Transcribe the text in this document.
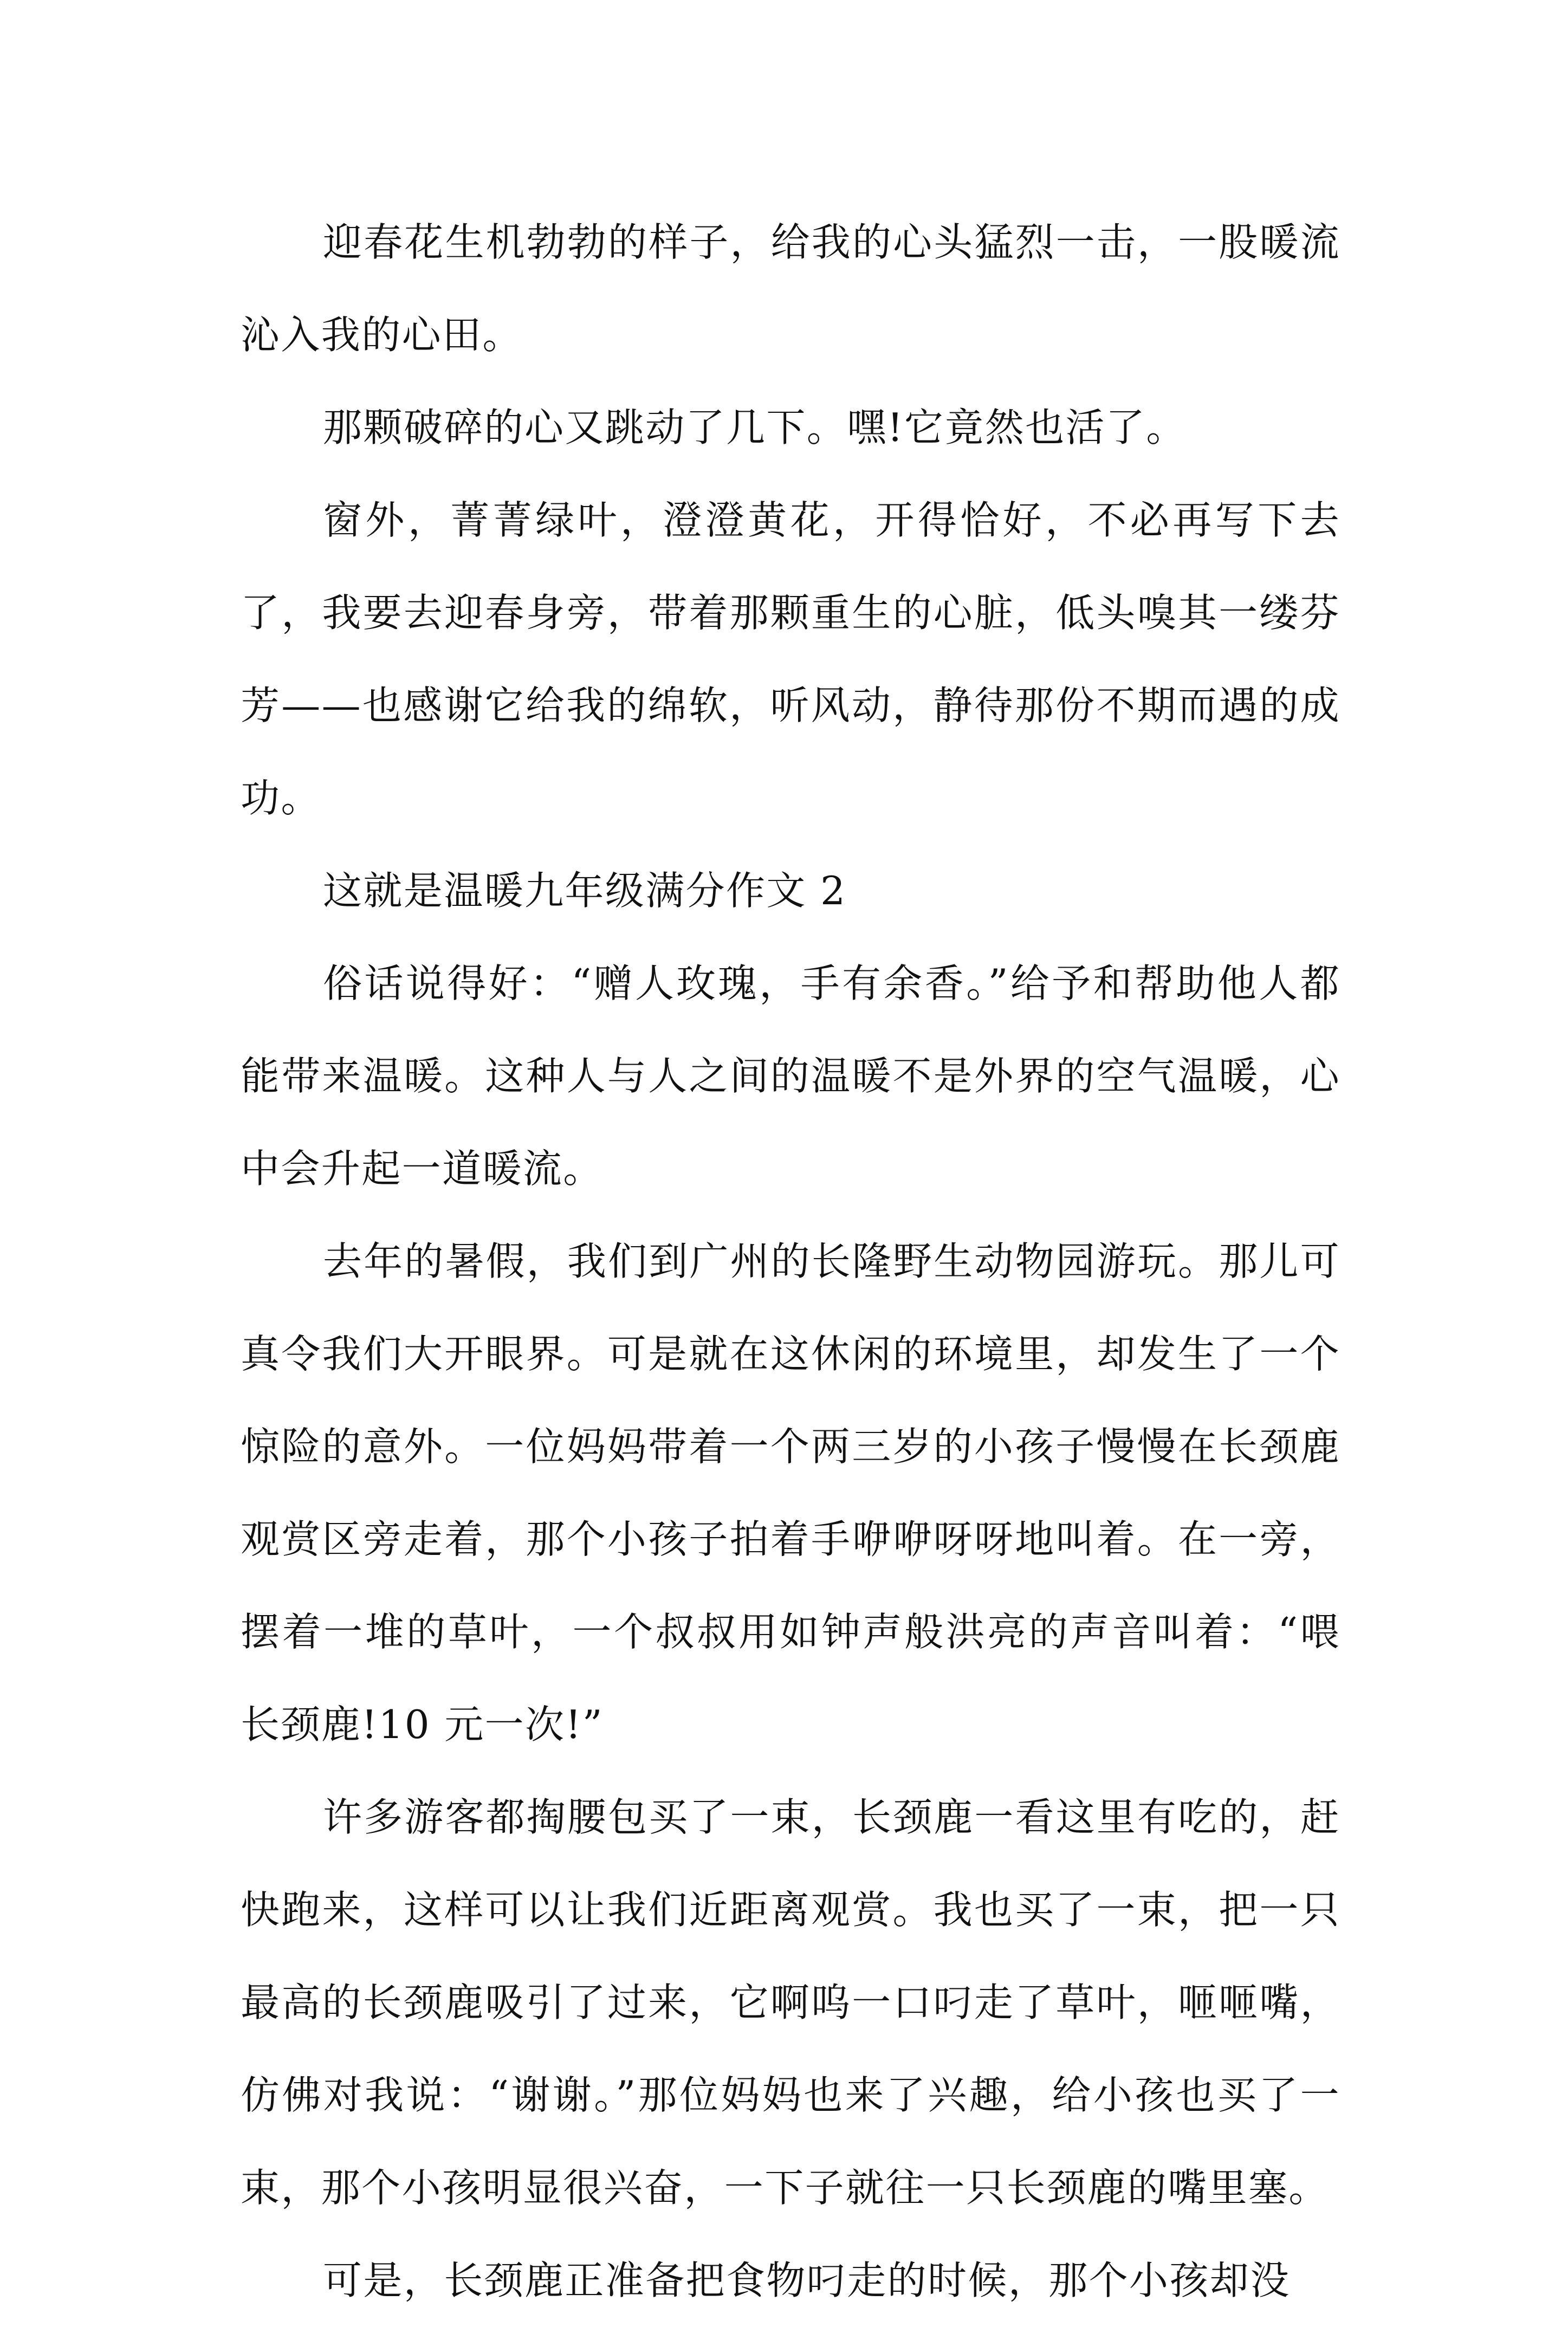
迎春花生机勃勃的样子，给我的心头猛烈一击，一股暖流沁入我的心田。

那颗破碎的心又跳动了几下。嘿!它竟然也活了。

窗外，菁菁绿叶，澄澄黄花，开得恰好，不必再写下去了，我要去迎春身旁，带着那颗重生的心脏，低头嗅其一缕芬芳——也感谢它给我的绵软，听风动，静待那份不期而遇的成功。

这就是温暖九年级满分作文 2

俗话说得好：“赠人玫瑰，手有余香。”给予和帮助他人都能带来温暖。这种人与人之间的温暖不是外界的空气温暖，心中会升起一道暖流。

去年的暑假，我们到广州的长隆野生动物园游玩。那儿可真令我们大开眼界。可是就在这休闲的环境里，却发生了一个惊险的意外。一位妈妈带着一个两三岁的小孩子慢慢在长颈鹿观赏区旁走着，那个小孩子拍着手咿咿呀呀地叫着。在一旁，摆着一堆的草叶，一个叔叔用如钟声般洪亮的声音叫着：“喂长颈鹿!10 元一次!”

许多游客都掏腰包买了一束，长颈鹿一看这里有吃的，赶快跑来，这样可以让我们近距离观赏。我也买了一束，把一只最高的长颈鹿吸引了过来，它啊呜一口叼走了草叶，咂咂嘴，仿佛对我说：“谢谢。”那位妈妈也来了兴趣，给小孩也买了一束，那个小孩明显很兴奋，一下子就往一只长颈鹿的嘴里塞。

可是，长颈鹿正准备把食物叼走的时候，那个小孩却没
